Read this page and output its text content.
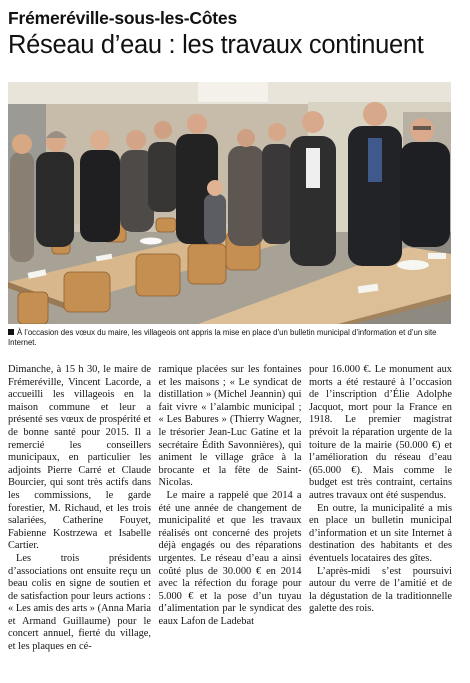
Frémeréville-sous-les-Côtes
Réseau d’eau : les travaux continuent
À l’occasion des vœux du maire, les villageois ont appris la mise en place d’un bulletin municipal d’information et d’un site Internet.

Dimanche, à 15 h 30, le maire de Frémeréville, Vincent Lacorde, a accueilli les villageois en la maison commune et leur a présenté ses vœux de prospérité et de bonne santé pour 2015. Il a remercié les conseillers municipaux, en particulier les adjoints Pierre Carré et Claude Bourcier, qui sont très actifs dans les commissions, le garde forestier, M. Richaud, et les trois salariées, Catherine Fouyet, Fabienne Kostrzewa et Isabelle Cartier.

Les trois présidents d’associations ont ensuite reçu un beau colis en signe de soutien et de satisfaction pour leurs actions : « Les amis des arts » (Anna Maria et Armand Guillaume) pour le concert annuel, fierté du village, et les plaques en cé-

ramique placées sur les fontaines et les maisons ; « Le syndicat de distillation » (Michel Jeannin) qui fait vivre « l’alambic municipal ; « Les Babures » (Thierry Wagner, le trésorier Jean-Luc Gatine et la secrétaire Édith Savonnières), qui animent le village grâce à la brocante et la fête de Saint-Nicolas.

Le maire a rappelé que 2014 a été une année de changement de municipalité et que les travaux réalisés ont concerné des projets déjà engagés ou des réparations urgentes. Le réseau d’eau a ainsi coûté plus de 30.000 € en 2014 avec la réfection du forage pour 5.000 € et la pose d’un tuyau d’alimentation par le syndicat des eaux Lafon de Ladebat

pour 16.000 €. Le monument aux morts a été restauré à l’occasion de l’inscription d’Élie Adolphe Jacquot, mort pour la France en 1918. Le premier magistrat prévoit la réparation urgente de la toiture de la mairie (50.000 €) et l’amélioration du réseau d’eau (65.000 €). Mais comme le budget est très contraint, certains autres travaux ont été suspendus.

En outre, la municipalité a mis en place un bulletin municipal d’information et un site Internet à destination des habitants et des éventuels locataires des gîtes.

L’après-midi s’est poursuivi autour du verre de l’amitié et de la dégustation de la traditionnelle galette des rois.
